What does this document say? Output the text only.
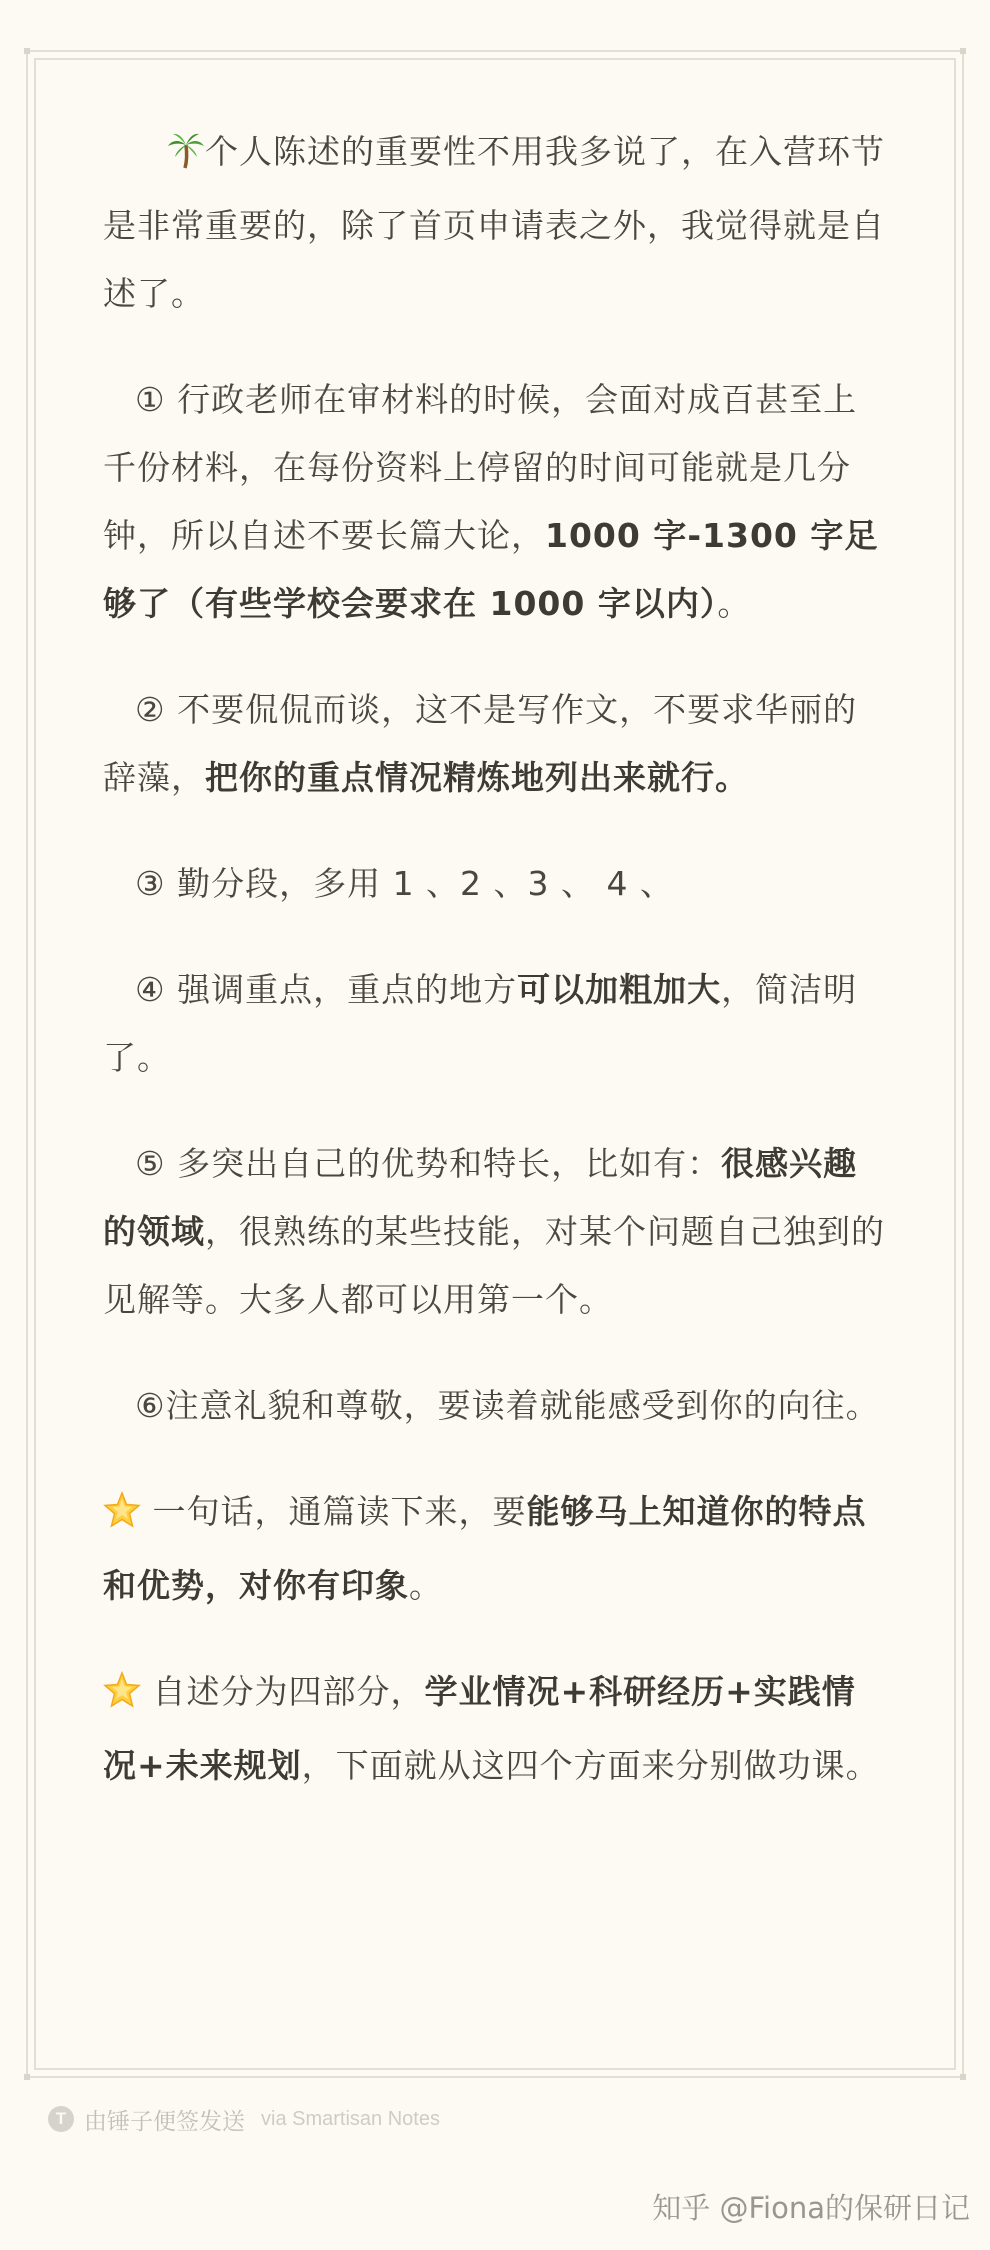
个人陈述的重要性不用我多说了，在入营环节是非常重要的，除了首页申请表之外，我觉得就是自述了。

① 行政老师在审材料的时候，会面对成百甚至上千份材料，在每份资料上停留的时间可能就是几分钟，所以自述不要长篇大论，1000 字-1300 字足够了（有些学校会要求在 1000 字以内）。

② 不要侃侃而谈，这不是写作文，不要求华丽的辞藻，把你的重点情况精炼地列出来就行。

③ 勤分段，多用 1 、2 、3 、 4 、

④ 强调重点，重点的地方可以加粗加大，简洁明了。

⑤ 多突出自己的优势和特长，比如有：很感兴趣的领域，很熟练的某些技能，对某个问题自己独到的见解等。大多人都可以用第一个。

⑥注意礼貌和尊敬，要读着就能感受到你的向往。

一句话，通篇读下来，要能够马上知道你的特点和优势，对你有印象。

自述分为四部分，学业情况+科研经历+实践情况+未来规划，下面就从这四个方面来分别做功课。

T 由锤子便签发送 via Smartisan Notes
知乎 @Fiona的保研日记
